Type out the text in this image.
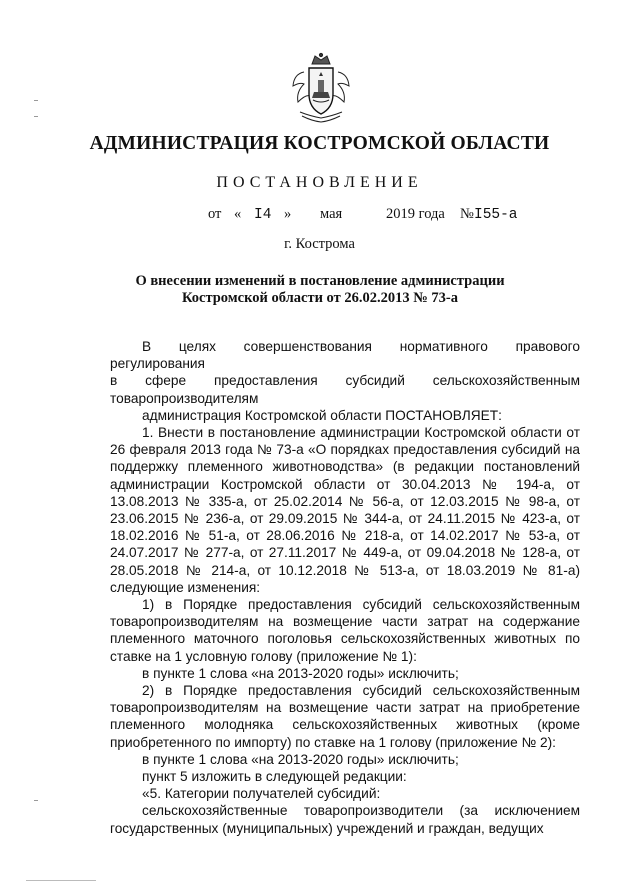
АДМИНИСТРАЦИЯ КОСТРОМСКОЙ ОБЛАСТИ
ПОСТАНОВЛЕНИЕ
от « I4 » мая	2019 года № I55-а
г. Кострома
О внесении изменений в постановление администрации
Костромской области от 26.02.2013 № 73-а

В целях совершенствования нормативного правового регулирования

в сфере предоставления субсидий сельскохозяйственным

товаропроизводителям

администрация Костромской области ПОСТАНОВЛЯЕТ:

1. Внести в постановление администрации Костромской области от 26 февраля 2013 года № 73-а «О порядках предоставления субсидий на поддержку племенного животноводства» (в редакции постановлений администрации Костромской области от 30.04.2013 № 194-а, от 13.08.2013 № 335-а, от 25.02.2014 № 56-а, от 12.03.2015 № 98-а, от 23.06.2015 № 236-а, от 29.09.2015 № 344-а, от 24.11.2015 № 423-а, от 18.02.2016 № 51-а, от 28.06.2016 № 218-а, от 14.02.2017 № 53-а, от 24.07.2017 № 277-а, от 27.11.2017 № 449-а, от 09.04.2018 № 128-а, от 28.05.2018 № 214-а, от 10.12.2018 № 513-а, от 18.03.2019 № 81-а) следующие изменения:

1) в Порядке предоставления субсидий сельскохозяйственным товаропроизводителям на возмещение части затрат на содержание племенного маточного поголовья сельскохозяйственных животных по ставке на 1 условную голову (приложение № 1):

в пункте 1 слова «на 2013-2020 годы» исключить;

2) в Порядке предоставления субсидий сельскохозяйственным товаропроизводителям на возмещение части затрат на приобретение племенного молодняка сельскохозяйственных животных (кроме приобретенного по импорту) по ставке на 1 голову (приложение № 2):

в пункте 1 слова «на 2013-2020 годы» исключить;

пункт 5 изложить в следующей редакции:

«5. Категории получателей субсидий:

сельскохозяйственные товаропроизводители (за исключением государственных (муниципальных) учреждений и граждан, ведущих
